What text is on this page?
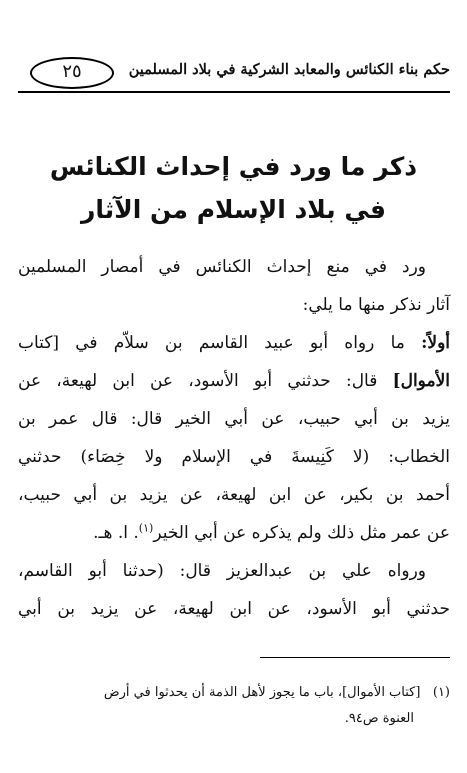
٢٥	حكم بناء الكنائس والمعابد الشركية في بلاد المسلمين
ذكر ما ورد في إحداث الكنائس
في بلاد الإسلام من الآثار
ورد في منع إحداث الكنائس في أمصار المسلمين
آثار نذكر منها ما يلي:
أولاً: ما رواه أبو عبيد القاسم بن سلاّم في [كتاب
الأموال] قال: حدثني أبو الأسود، عن ابن لهيعة، عن
يزيد بن أبي حبيب، عن أبي الخير قال: قال عمر بن
الخطاب: (لا كَنِيسةَ في الإسلام ولا خِصَاء) حدثني
أحمد بن بكير، عن ابن لهيعة، عن يزيد بن أبي حبيب،
عن عمر مثل ذلك ولم يذكره عن أبي الخير$^{(١)}$. ا. هـ.
ورواه علي بن عبدالعزيز قال: (حدثنا أبو القاسم،
حدثني أبو الأسود، عن ابن لهيعة، عن يزيد بن أبي
(١)   [كتاب الأموال]، باب ما يجوز لأهل الذمة أن يحدثوا في أرض
العنوة ص٩٤.
